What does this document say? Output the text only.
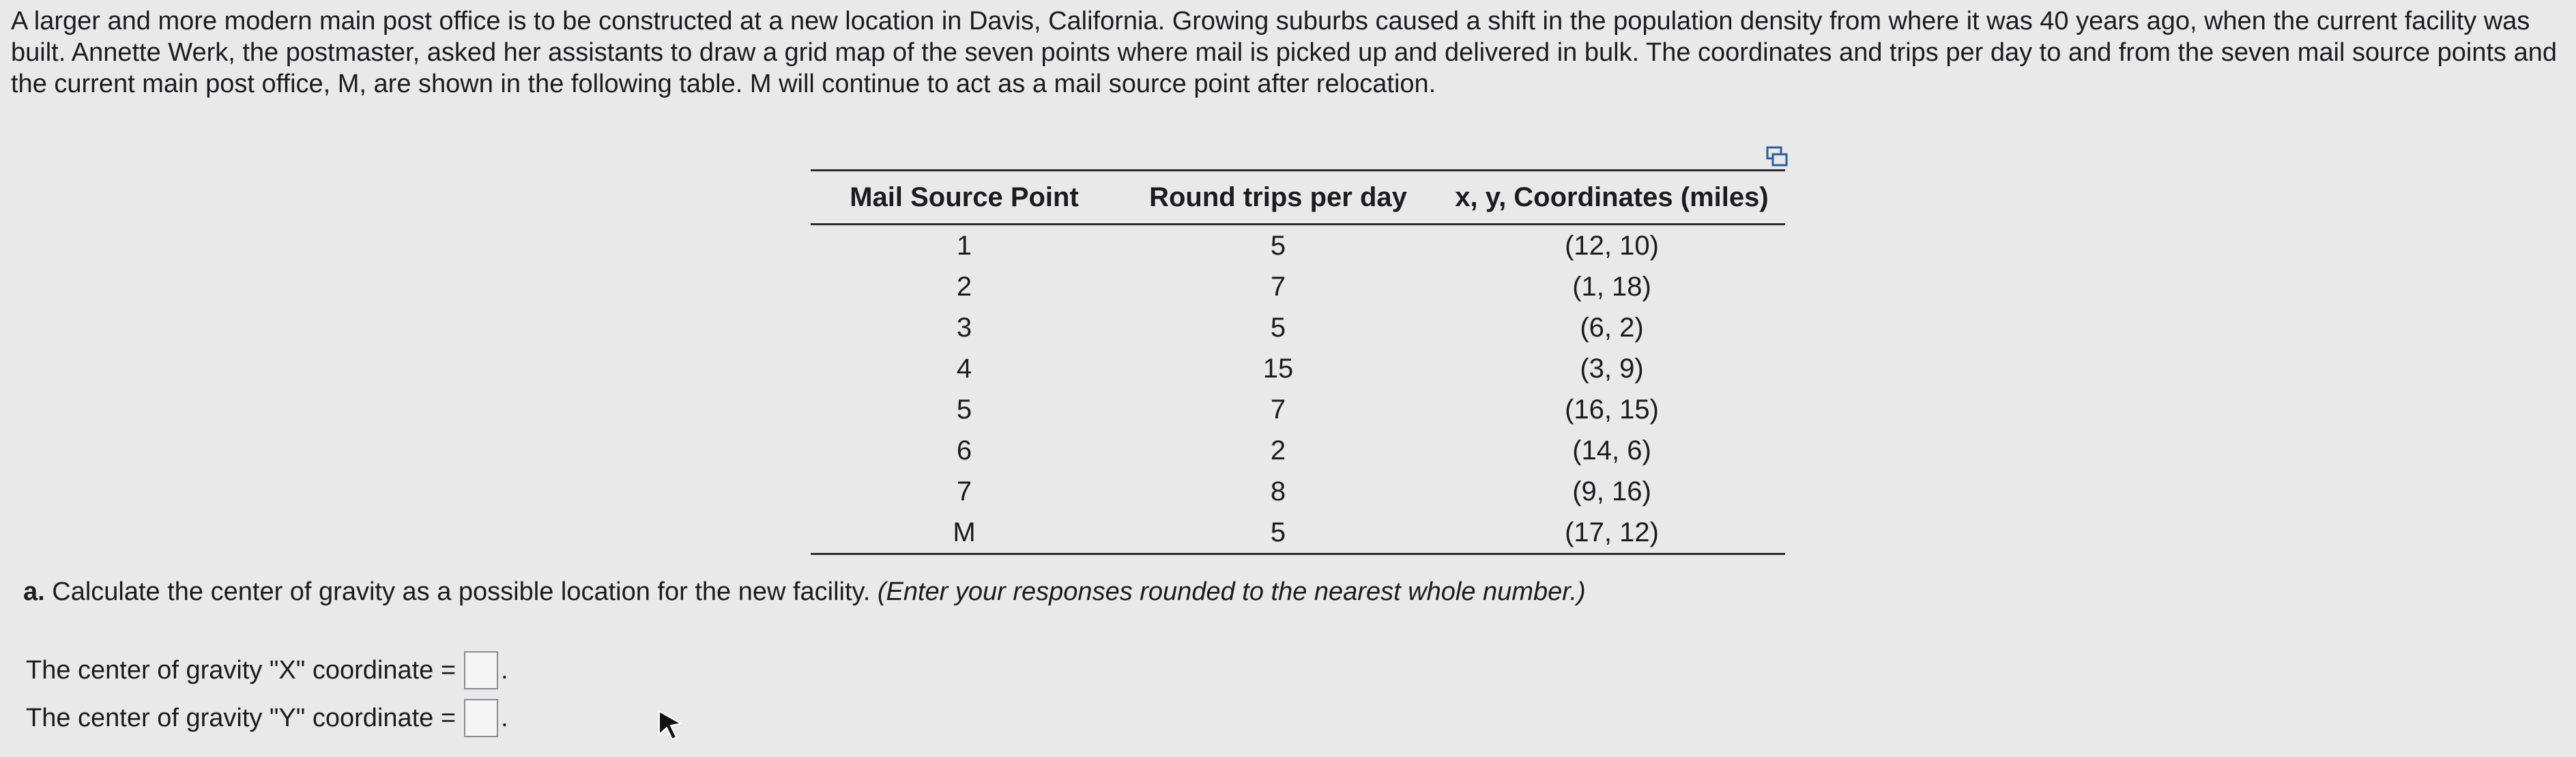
A larger and more modern main post office is to be constructed at a new location in Davis, California. Growing suburbs caused a shift in the population density from where it was 40 years ago, when the current facility was built. Annette Werk, the postmaster, asked her assistants to draw a grid map of the seven points where mail is picked up and delivered in bulk. The coordinates and trips per day to and from the seven mail source points and the current main post office, M, are shown in the following table. M will continue to act as a mail source point after relocation.

Mail Source Point	Round trips per day	x, y, Coordinates (miles)
1	5	(12, 10)
2	7	(1, 18)
3	5	(6, 2)
4	15	(3, 9)
5	7	(16, 15)
6	2	(14, 6)
7	8	(9, 16)
M	5	(17, 12)

a. Calculate the center of gravity as a possible location for the new facility. (Enter your responses rounded to the nearest whole number.)

The center of gravity "X" coordinate = .
The center of gravity "Y" coordinate = .
